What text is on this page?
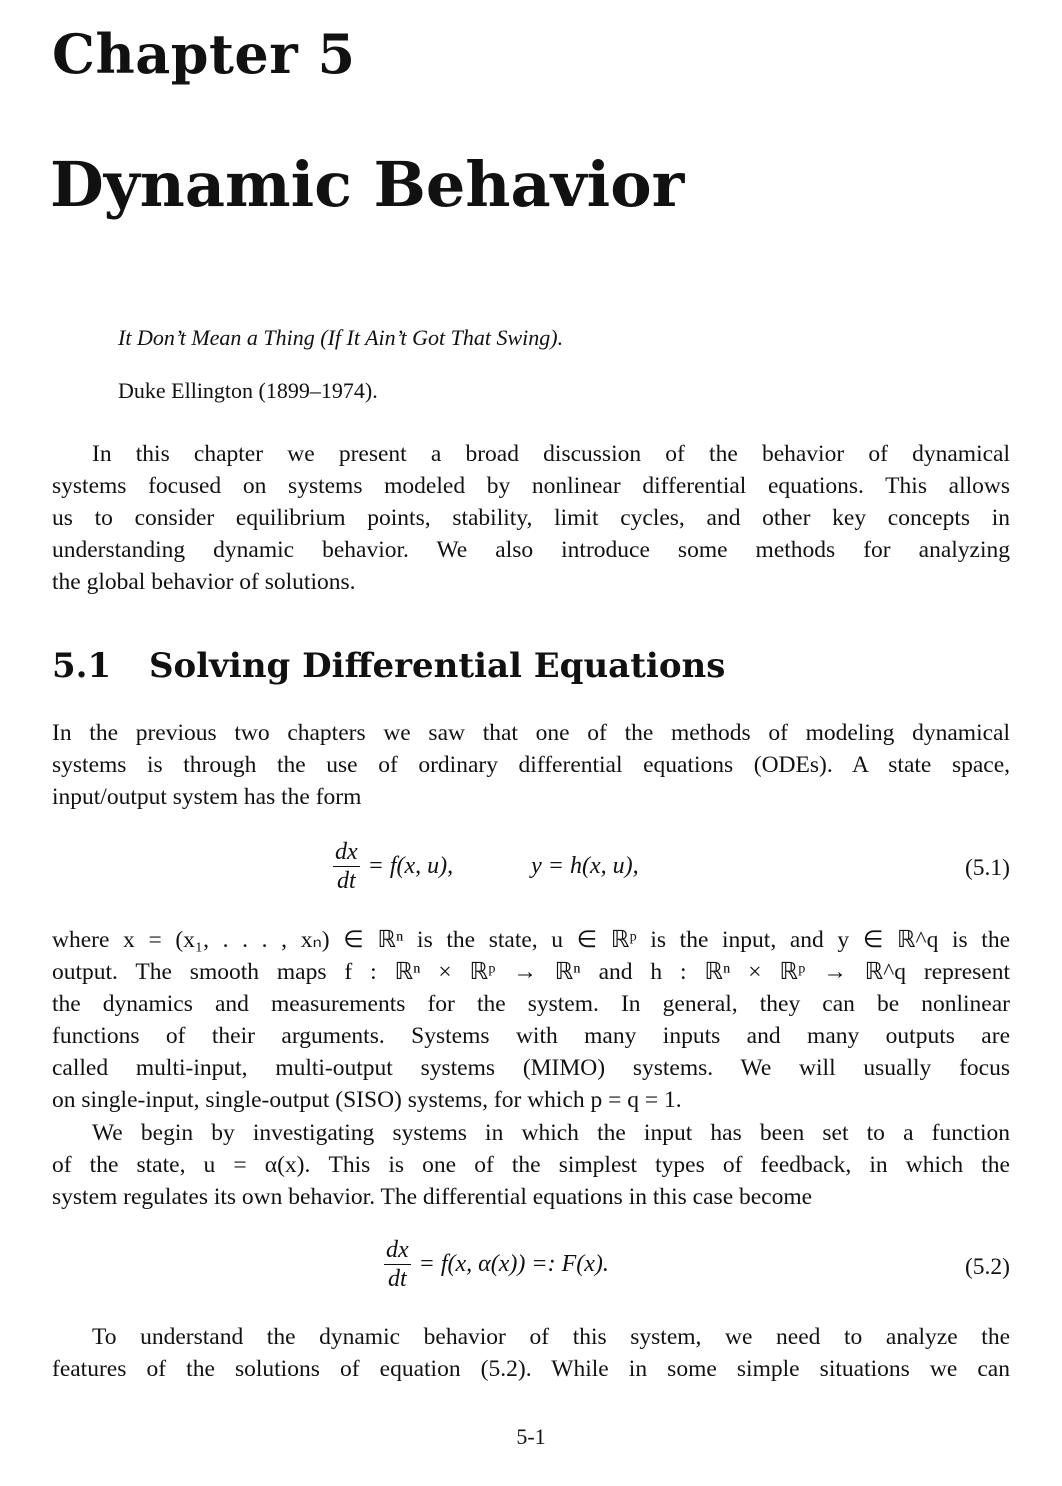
Chapter 5
Dynamic Behavior
It Don’t Mean a Thing (If It Ain’t Got That Swing).
Duke Ellington (1899–1974).
In this chapter we present a broad discussion of the behavior of dynamical
systems focused on systems modeled by nonlinear differential equations. This allows
us to consider equilibrium points, stability, limit cycles, and other key concepts in
understanding dynamic behavior. We also introduce some methods for analyzing
the global behavior of solutions.
5.1 Solving Differential Equations
In the previous two chapters we saw that one of the methods of modeling dynamical
systems is through the use of ordinary differential equations (ODEs). A state space,
input/output system has the form
$\frac{dx}{dt} = f(x$, u),	y = h(x, u),	(5.1)
where x = (x₁, . . . , xₙ) ∈ ℝⁿ is the state, u ∈ ℝᵖ is the input, and y ∈ ℝ^q is the
output. The smooth maps f : ℝⁿ × ℝᵖ → ℝⁿ and h : ℝⁿ × ℝᵖ → ℝ^q represent
the dynamics and measurements for the system. In general, they can be nonlinear
functions of their arguments. Systems with many inputs and many outputs are
called multi-input, multi-output systems (MIMO) systems. We will usually focus
on single-input, single-output (SISO) systems, for which p = q = 1.
We begin by investigating systems in which the input has been set to a function
of the state, u = α(x). This is one of the simplest types of feedback, in which the
system regulates its own behavior. The differential equations in this case become
$\frac{dx}{dt} = f(x$, α(x)) =: F(x).	(5.2)
To understand the dynamic behavior of this system, we need to analyze the
features of the solutions of equation (5.2). While in some simple situations we can
5-1
